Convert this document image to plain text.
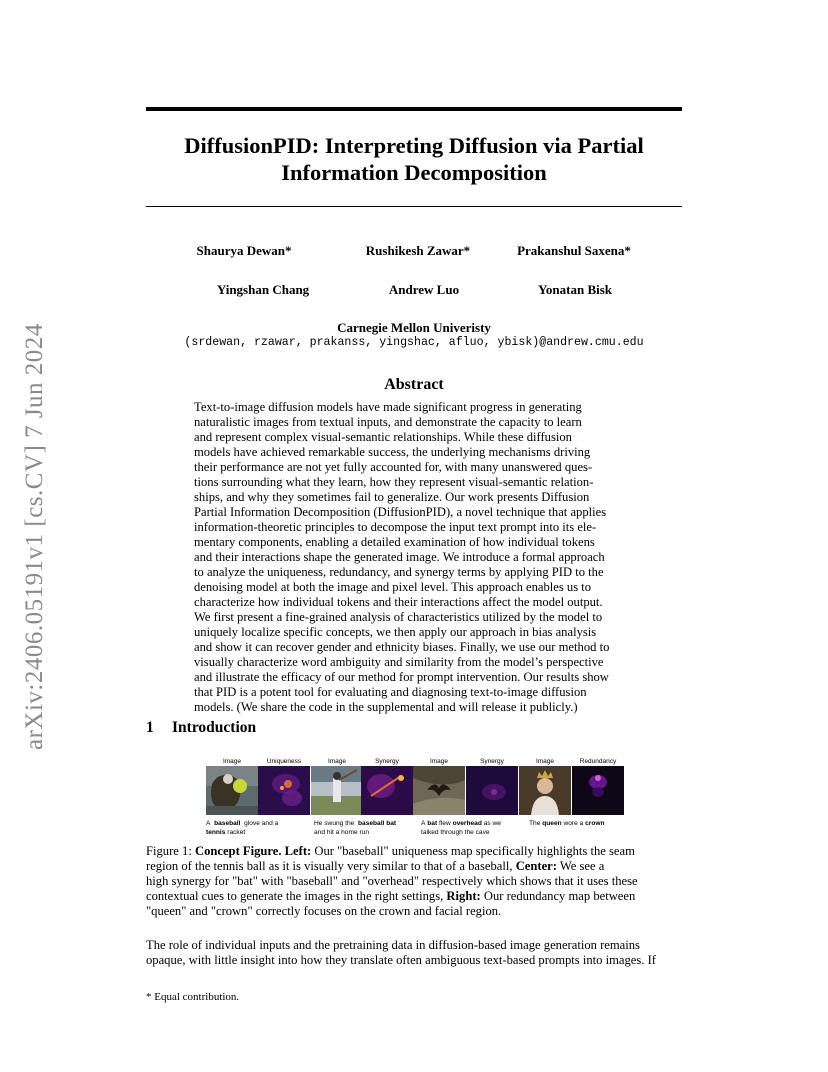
DiffusionPID: Interpreting Diffusion via Partial
Information Decomposition
Shaurya Dewan*	Rushikesh Zawar*	Prakanshul Saxena*
Yingshan Chang	Andrew Luo	Yonatan Bisk
Carnegie Mellon Univeristy
(srdewan, rzawar, prakanss, yingshac, afluo, ybisk)@andrew.cmu.edu
Abstract
Text-to-image diffusion models have made significant progress in generating
naturalistic images from textual inputs, and demonstrate the capacity to learn
and represent complex visual-semantic relationships. While these diffusion
models have achieved remarkable success, the underlying mechanisms driving
their performance are not yet fully accounted for, with many unanswered ques-
tions surrounding what they learn, how they represent visual-semantic relation-
ships, and why they sometimes fail to generalize. Our work presents Diffusion
Partial Information Decomposition (DiffusionPID), a novel technique that applies
information-theoretic principles to decompose the input text prompt into its ele-
mentary components, enabling a detailed examination of how individual tokens
and their interactions shape the generated image. We introduce a formal approach
to analyze the uniqueness, redundancy, and synergy terms by applying PID to the
denoising model at both the image and pixel level. This approach enables us to
characterize how individual tokens and their interactions affect the model output.
We first present a fine-grained analysis of characteristics utilized by the model to
uniquely localize specific concepts, we then apply our approach in bias analysis
and show it can recover gender and ethnicity biases. Finally, we use our method to
visually characterize word ambiguity and similarity from the model’s perspective
and illustrate the efficacy of our method for prompt intervention. Our results show
that PID is a potent tool for evaluating and diagnosing text-to-image diffusion
models. (We share the code in the supplemental and will release it publicly.)
1 Introduction
arXiv:2406.05191v1 [cs.CV] 7 Jun 2024
Image	Uniqueness	Image	Synergy	Image	Synergy	Image	Redundancy
A baseball glove and a
tennis racket
He swung the baseball bat
and hit a home run
A bat flew overhead as we
talked through the cave
The queen wore a crown
Figure 1: Concept Figure. Left: Our "baseball" uniqueness map specifically highlights the seam
region of the tennis ball as it is visually very similar to that of a baseball, Center: We see a
high synergy for "bat" with "baseball" and "overhead" respectively which shows that it uses these
contextual cues to generate the images in the right settings, Right: Our redundancy map between
"queen" and "crown" correctly focuses on the crown and facial region.
The role of individual inputs and the pretraining data in diffusion-based image generation remains
opaque, with little insight into how they translate often ambiguous text-based prompts into images. If
* Equal contribution.
